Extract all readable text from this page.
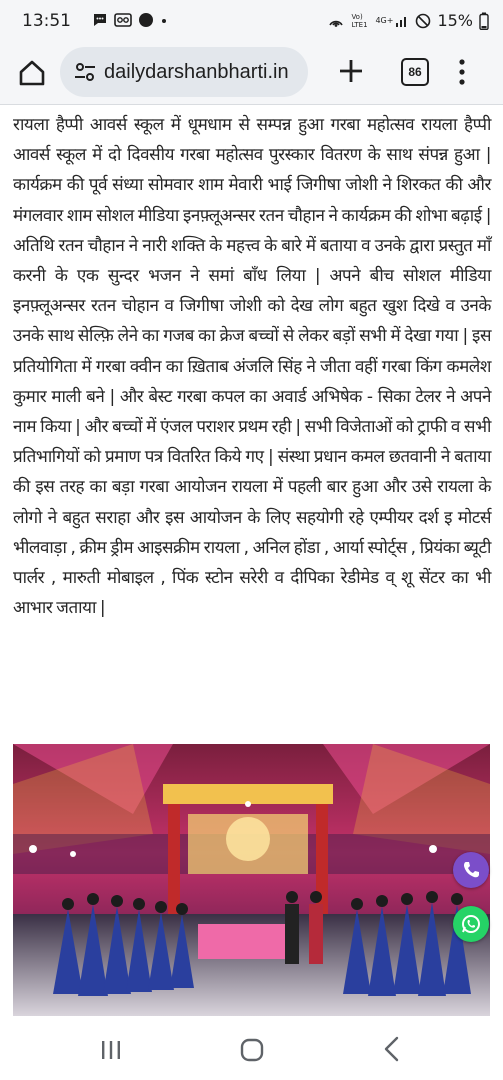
13:51	Vo) LTE1 4G+	15%
dailydarshanbharti.in	86

रायला हैप्पी आवर्स स्कूल में धूमधाम से सम्पन्न हुआ गरबा महोत्सव रायला हैप्पी आवर्स स्कूल में दो दिवसीय गरबा महोत्सव पुरस्कार वितरण के साथ संपन्न हुआ | कार्यक्रम की पूर्व संध्या सोमवार शाम मेवारी भाई जिगीषा जोशी ने शिरकत की और मंगलवार शाम सोशल मीडिया इनफ़्लूअन्सर रतन चौहान ने कार्यक्रम की शोभा बढ़ाई | अतिथि रतन चौहान ने नारी शक्ति के महत्त्व के बारे में बताया व उनके द्वारा प्रस्तुत माँ करनी के एक सुन्दर भजन ने समां बाँध लिया | अपने बीच सोशल मीडिया इनफ़्लूअन्सर रतन चोहान व जिगीषा जोशी को देख लोग बहुत खुश दिखे व उनके उनके साथ सेल्फ़ि लेने का गजब का क्रेज बच्चों से लेकर बड़ों सभी में देखा गया | इस प्रतियोगिता में गरबा क्वीन का ख़िताब अंजलि सिंह ने जीता वहीं गरबा किंग कमलेश कुमार माली बने | और बेस्ट गरबा कपल का अवार्ड अभिषेक - सिका टेलर ने अपने नाम किया | और बच्चों में एंजल पराशर प्रथम रही | सभी विजेताओं को ट्राफी व सभी प्रतिभागियों को प्रमाण पत्र वितरित किये गए | संस्था प्रधान कमल छतवानी ने बताया की इस तरह का बड़ा गरबा आयोजन रायला में पहली बार हुआ और उसे रायला के लोगो ने बहुत सराहा और इस आयोजन के लिए सहयोगी रहे एम्पीयर दर्श इ मोटर्स भीलवाड़ा , क्रीम ड्रीम आइसक्रीम रायला , अनिल होंडा , आर्या स्पोर्ट्स , प्रियंका ब्यूटी पार्लर , मारुती मोबाइल , पिंक स्टोन सरेरी व दीपिका रेडीमेड व् शू सेंटर का भी आभार जताया |
